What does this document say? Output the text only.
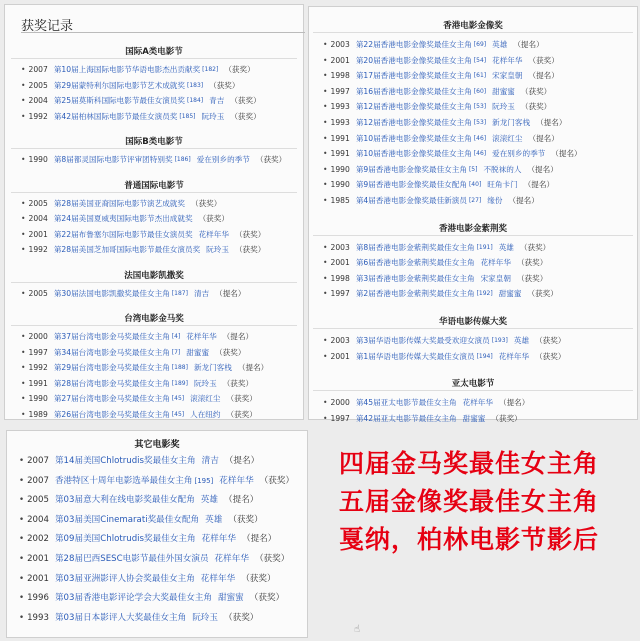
获奖记录
国际A类电影节
• 2007 第10届上海国际电影节华语电影杰出贡献奖 [182] （获奖）
• 2005 第29届蒙特利尔国际电影节艺术成就奖 [183] （获奖）
• 2004 第25届莫斯科国际电影节最佳女演员奖 [184] 青吉 （获奖）
• 1992 第42届柏林国际电影节最佳女演员奖 [185] 阮玲玉 （获奖）
国际B类电影节
• 1990 第8届都灵国际电影节评审团特别奖 [186] 爱在别乡的季节 （获奖）
普通国际电影节
• 2005 第28届美国亚裔国际电影节演艺成就奖 （获奖）
• 2004 第24届美国夏威夷国际电影节杰出成就奖 （获奖）
• 2001 第22届布鲁塞尔国际电影节最佳女演员奖 花样年华 （获奖）
• 1992 第28届美国芝加哥国际电影节最佳女演员奖 阮玲玉 （获奖）
法国电影凯撒奖
• 2005 第30届法国电影凯撒奖最佳女主角 [187] 清吉 （提名）
台湾电影金马奖
• 2000 第37届台湾电影金马奖最佳女主角 [4] 花样年华 （提名）
• 1997 第34届台湾电影金马奖最佳女主角 [7] 甜蜜蜜 （获奖）
• 1992 第29届台湾电影金马奖最佳女主角 [188] 新龙门客栈 （提名）
• 1991 第28届台湾电影金马奖最佳女主角 [189] 阮玲玉 （获奖）
• 1990 第27届台湾电影金马奖最佳女主角 [45] 滚滚红尘 （获奖）
• 1989 第26届台湾电影金马奖最佳女主角 [45] 人在纽约 （获奖）
香港电影金像奖
• 2003 第22届香港电影金像奖最佳女主角 [69] 英雄 （提名）
• 2001 第20届香港电影金像奖最佳女主角 [54] 花样年华 （获奖）
• 1998 第17届香港电影金像奖最佳女主角 [61] 宋家皇朝 （提名）
• 1997 第16届香港电影金像奖最佳女主角 [60] 甜蜜蜜 （获奖）
• 1993 第12届香港电影金像奖最佳女主角 [53] 阮玲玉 （获奖）
• 1993 第12届香港电影金像奖最佳女主角 [53] 新龙门客栈 （提名）
• 1991 第10届香港电影金像奖最佳女主角 [46] 滚滚红尘 （提名）
• 1991 第10届香港电影金像奖最佳女主角 [46] 爱在别乡的季节 （提名）
• 1990 第9届香港电影金像奖最佳女主角 [5] 不脱袜的人 （提名）
• 1990 第9届香港电影金像奖最佳女配角 [40] 旺角卡门 （提名）
• 1985 第4届香港电影金像奖最佳新演员 [27] 缘份 （提名）
香港电影金紫荆奖
• 2003 第8届香港电影金紫荆奖最佳女主角 [191] 英雄 （获奖）
• 2001 第6届香港电影金紫荆奖最佳女主角 花样年华 （获奖）
• 1998 第3届香港电影金紫荆奖最佳女主角 宋家皇朝 （获奖）
• 1997 第2届香港电影金紫荆奖最佳女主角 [192] 甜蜜蜜 （获奖）
华语电影传媒大奖
• 2003 第3届华语电影传媒大奖最受欢迎女演员 [193] 英雄 （获奖）
• 2001 第1届华语电影传媒大奖最佳女演员 [194] 花样年华 （获奖）
亚太电影节
• 2000 第45届亚太电影节最佳女主角 花样年华 （提名）
• 1997 第42届亚太电影节最佳女主角 甜蜜蜜 （获奖）
其它电影奖
• 2007 第14届美国Chlotrudis奖最佳女主角 清吉 （提名）
• 2007 香港特区十周年电影选举最佳女主角 [195] 花样年华 （获奖）
• 2005 第03届意大利在线电影奖最佳女配角 英雄 （提名）
• 2004 第03届美国Cinemarati奖最佳女配角 英雄 （获奖）
• 2002 第09届美国Chlotrudis奖最佳女主角 花样年华 （提名）
• 2001 第28届巴西SESC电影节最佳外国女演员 花样年华 （获奖）
• 2001 第03届亚洲影评人协会奖最佳女主角 花样年华 （获奖）
• 1996 第03届香港电影评论学会大奖最佳女主角 甜蜜蜜 （获奖）
• 1993 第03届日本影评人大奖最佳女主角 阮玲玉 （获奖）
四届金马奖最佳女主角
五届金像奖最佳女主角
戛纳，柏林电影节影后
☝
